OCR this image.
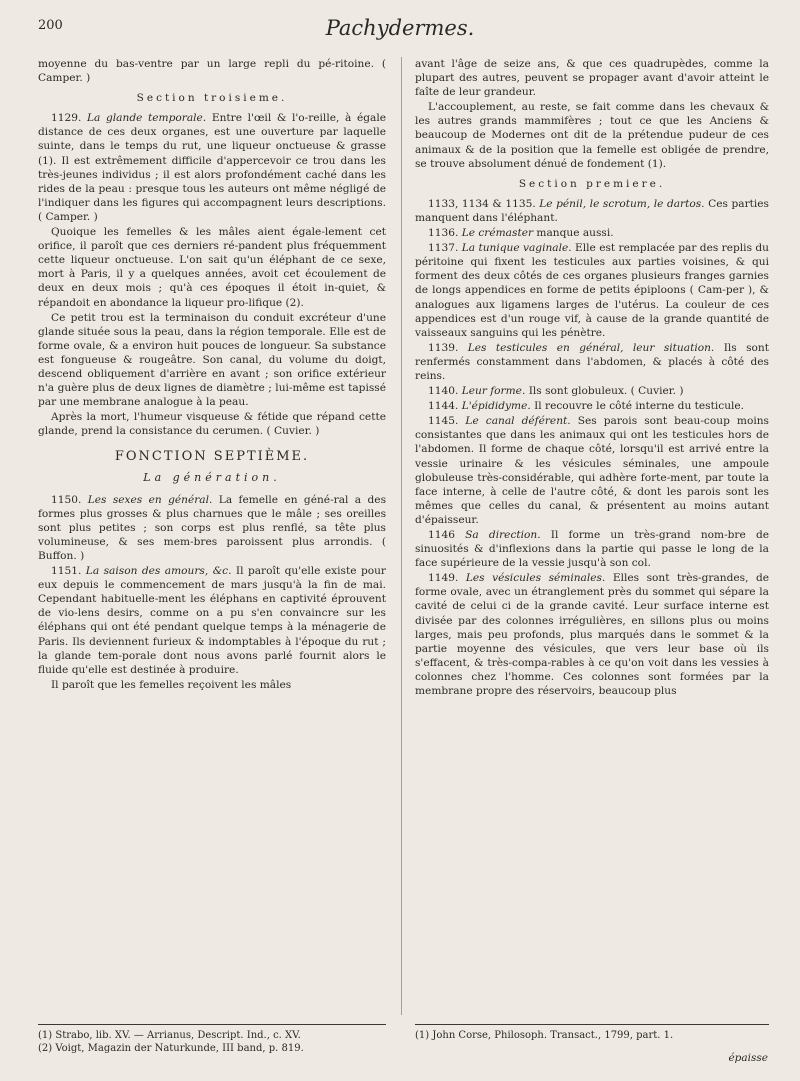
200	Pachydermes.

moyenne du bas-ventre par un large repli du pé-ritoine. ( Camper. )

Section troisieme.

1129. La glande temporale. Entre l'œil & l'o-reille, à égale distance de ces deux organes, est une ouverture par laquelle suinte, dans le temps du rut, une liqueur onctueuse & grasse (1). Il est extrêmement difficile d'appercevoir ce trou dans les très-jeunes individus ; il est alors profondément caché dans les rides de la peau : presque tous les auteurs ont même négligé de l'indiquer dans les figures qui accompagnent leurs descriptions. ( Camper. )

Quoique les femelles & les mâles aient égale-lement cet orifice, il paroît que ces derniers ré-pandent plus fréquemment cette liqueur onctueuse. L'on sait qu'un éléphant de ce sexe, mort à Paris, il y a quelques années, avoit cet écoulement de deux en deux mois ; qu'à ces époques il étoit in-quiet, & répandoit en abondance la liqueur pro-lifique (2).

Ce petit trou est la terminaison du conduit excréteur d'une glande située sous la peau, dans la région temporale. Elle est de forme ovale, & a environ huit pouces de longueur. Sa substance est fongueuse & rougeâtre. Son canal, du volume du doigt, descend obliquement d'arrière en avant ; son orifice extérieur n'a guère plus de deux lignes de diamètre ; lui-même est tapissé par une membrane analogue à la peau.

Après la mort, l'humeur visqueuse & fétide que répand cette glande, prend la consistance du cerumen. ( Cuvier. )

FONCTION SEPTIÈME.
La génération.

1150. Les sexes en général. La femelle en géné-ral a des formes plus grosses & plus charnues que le mâle ; ses oreilles sont plus petites ; son corps est plus renflé, sa tête plus volumineuse, & ses mem-bres paroissent plus arrondis. ( Buffon. )

1151. La saison des amours, &c. Il paroît qu'elle existe pour eux depuis le commencement de mars jusqu'à la fin de mai. Cependant habituelle-ment les éléphans en captivité éprouvent de vio-lens desirs, comme on a pu s'en convaincre sur les éléphans qui ont été pendant quelque temps à la ménagerie de Paris. Ils deviennent furieux & indomptables à l'époque du rut ; la glande tem-porale dont nous avons parlé fournit alors le fluide qu'elle est destinée à produire.

Il paroît que les femelles reçoivent les mâles

(1) Strabo, lib. XV. — Arrianus, Descript. Ind., c. XV.
(2) Voigt, Magazin der Naturkunde, III band, p. 819.

avant l'âge de seize ans, & que ces quadrupèdes, comme la plupart des autres, peuvent se propager avant d'avoir atteint le faîte de leur grandeur.

L'accouplement, au reste, se fait comme dans les chevaux & les autres grands mammifères ; tout ce que les Anciens & beaucoup de Modernes ont dit de la prétendue pudeur de ces animaux & de la position que la femelle est obligée de prendre, se trouve absolument dénué de fondement (1).

Section premiere.

1133, 1134 & 1135. Le pénil, le scrotum, le dartos. Ces parties manquent dans l'éléphant.

1136. Le crémaster manque aussi.

1137. La tunique vaginale. Elle est remplacée par des replis du péritoine qui fixent les testicules aux parties voisines, & qui forment des deux côtés de ces organes plusieurs franges garnies de longs appendices en forme de petits épiploons ( Cam-per ), & analogues aux ligamens larges de l'utérus. La couleur de ces appendices est d'un rouge vif, à cause de la grande quantité de vaisseaux sanguins qui les pénètre.

1139. Les testicules en général, leur situation. Ils sont renfermés constamment dans l'abdomen, & placés à côté des reins.

1140. Leur forme. Ils sont globuleux. ( Cuvier. )

1144. L'épididyme. Il recouvre le côté interne du testicule.

1145. Le canal déférent. Ses parois sont beau-coup moins consistantes que dans les animaux qui ont les testicules hors de l'abdomen. Il forme de chaque côté, lorsqu'il est arrivé entre la vessie urinaire & les vésicules séminales, une ampoule globuleuse très-considérable, qui adhère forte-ment, par toute la face interne, à celle de l'autre côté, & dont les parois sont les mêmes que celles du canal, & présentent au moins autant d'épaisseur.

1146 Sa direction. Il forme un très-grand nom-bre de sinuosités & d'inflexions dans la partie qui passe le long de la face supérieure de la vessie jusqu'à son col.

1149. Les vésicules séminales. Elles sont très-grandes, de forme ovale, avec un étranglement près du sommet qui sépare la cavité de celui ci de la grande cavité. Leur surface interne est divisée par des colonnes irrégulières, en sillons plus ou moins larges, mais peu profonds, plus marqués dans le sommet & la partie moyenne des vésicules, que vers leur base où ils s'effacent, & très-compa-rables à ce qu'on voit dans les vessies à colonnes chez l'homme. Ces colonnes sont formées par la membrane propre des réservoirs, beaucoup plus

(1) John Corse, Philosoph. Transact., 1799, part. 1.
épaisse
